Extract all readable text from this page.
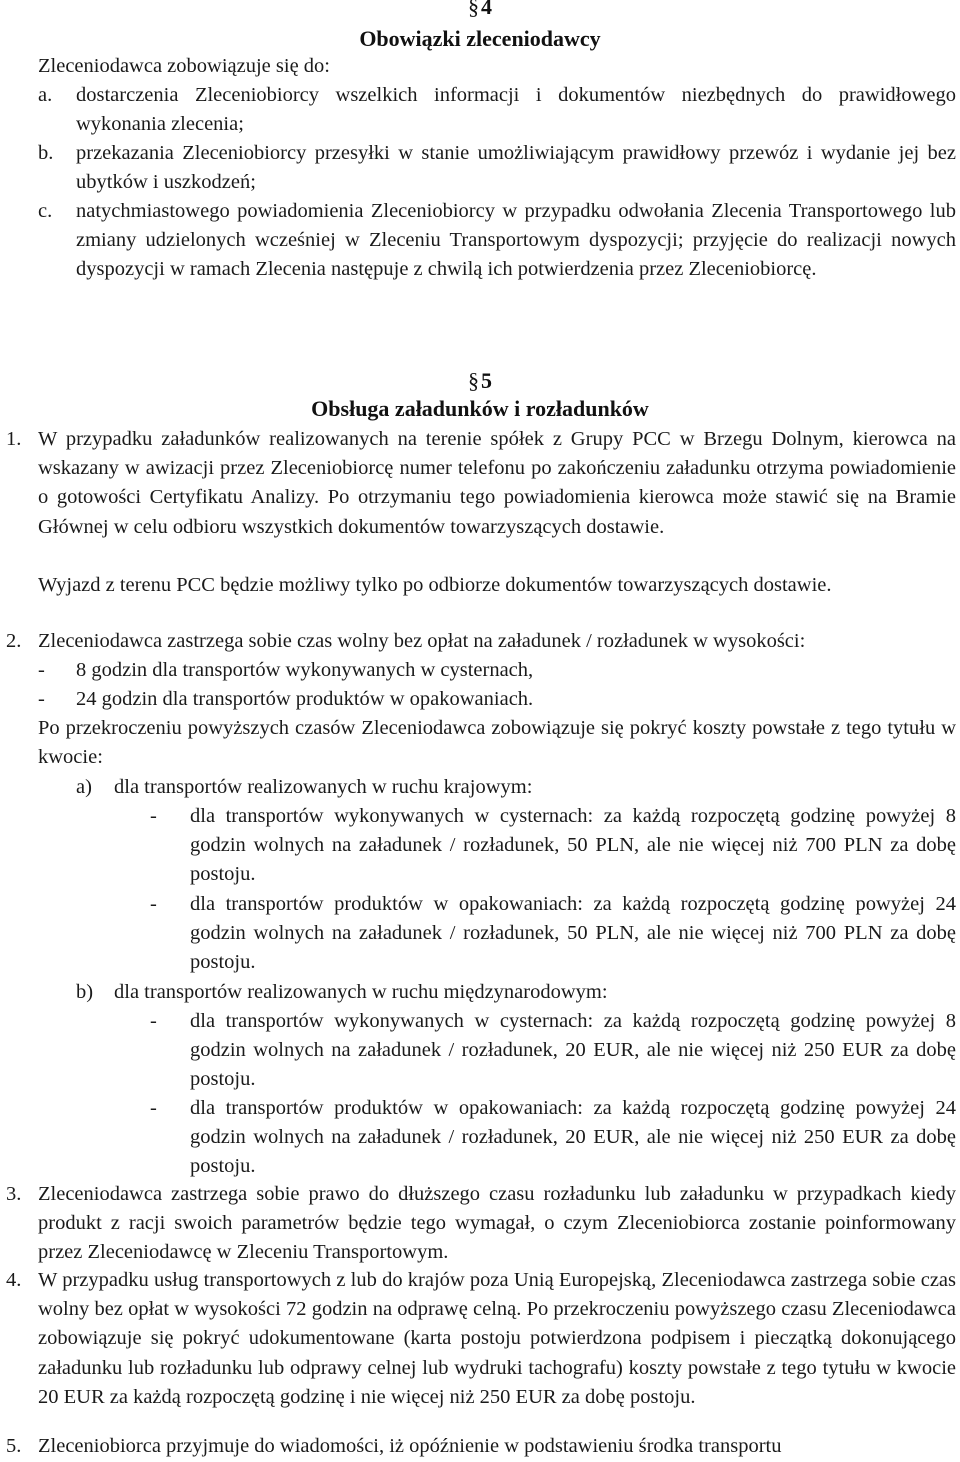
§4
Obowiązki zleceniodawcy
Zleceniodawca zobowiązuje się do:
a. dostarczenia Zleceniobiorcy wszelkich informacji i dokumentów niezbędnych do prawidłowego wykonania zlecenia;
b. przekazania Zleceniobiorcy przesyłki w stanie umożliwiającym prawidłowy przewóz i wydanie jej bez ubytków i uszkodzeń;
c. natychmiastowego powiadomienia Zleceniobiorcy w przypadku odwołania Zlecenia Transportowego lub zmiany udzielonych wcześniej w Zleceniu Transportowym dyspozycji; przyjęcie do realizacji nowych dyspozycji w ramach Zlecenia następuje z chwilą ich potwierdzenia przez Zleceniobiorcę.
§5
Obsługa załadunków i rozładunków
1. W przypadku załadunków realizowanych na terenie spółek z Grupy PCC w Brzegu Dolnym, kierowca na wskazany w awizacji przez Zleceniobiorcę numer telefonu po zakończeniu załadunku otrzyma powiadomienie o gotowości Certyfikatu Analizy. Po otrzymaniu tego powiadomienia kierowca może stawić się na Bramie Głównej w celu odbioru wszystkich dokumentów towarzyszących dostawie.
Wyjazd z terenu PCC będzie możliwy tylko po odbiorze dokumentów towarzyszących dostawie.
2. Zleceniodawca zastrzega sobie czas wolny bez opłat na załadunek / rozładunek w wysokości:
- 8 godzin dla transportów wykonywanych w cysternach,
- 24 godzin dla transportów produktów w opakowaniach.
Po przekroczeniu powyższych czasów Zleceniodawca zobowiązuje się pokryć koszty powstałe z tego tytułu w kwocie:
a) dla transportów realizowanych w ruchu krajowym:
- dla transportów wykonywanych w cysternach: za każdą rozpoczętą godzinę powyżej 8 godzin wolnych na załadunek / rozładunek, 50 PLN, ale nie więcej niż 700 PLN za dobę postoju.
- dla transportów produktów w opakowaniach: za każdą rozpoczętą godzinę powyżej 24 godzin wolnych na załadunek / rozładunek, 50 PLN, ale nie więcej niż 700 PLN za dobę postoju.
b) dla transportów realizowanych w ruchu międzynarodowym:
- dla transportów wykonywanych w cysternach: za każdą rozpoczętą godzinę powyżej 8 godzin wolnych na załadunek / rozładunek, 20 EUR, ale nie więcej niż 250 EUR za dobę postoju.
- dla transportów produktów w opakowaniach: za każdą rozpoczętą godzinę powyżej 24 godzin wolnych na załadunek / rozładunek, 20 EUR, ale nie więcej niż 250 EUR za dobę postoju.
3. Zleceniodawca zastrzega sobie prawo do dłuższego czasu rozładunku lub załadunku w przypadkach kiedy produkt z racji swoich parametrów będzie tego wymagał, o czym Zleceniobiorca zostanie poinformowany przez Zleceniodawcę w Zleceniu Transportowym.
4. W przypadku usług transportowych z lub do krajów poza Unią Europejską, Zleceniodawca zastrzega sobie czas wolny bez opłat w wysokości 72 godzin na odprawę celną. Po przekroczeniu powyższego czasu Zleceniodawca zobowiązuje się pokryć udokumentowane (karta postoju potwierdzona podpisem i pieczątką dokonującego załadunku lub rozładunku lub odprawy celnej lub wydruki tachografu) koszty powstałe z tego tytułu w kwocie 20 EUR za każdą rozpoczętą godzinę i nie więcej niż 250 EUR za dobę postoju.
5. Zleceniobiorca przyjmuje do wiadomości, iż opóźnienie w podstawieniu środka transportu
